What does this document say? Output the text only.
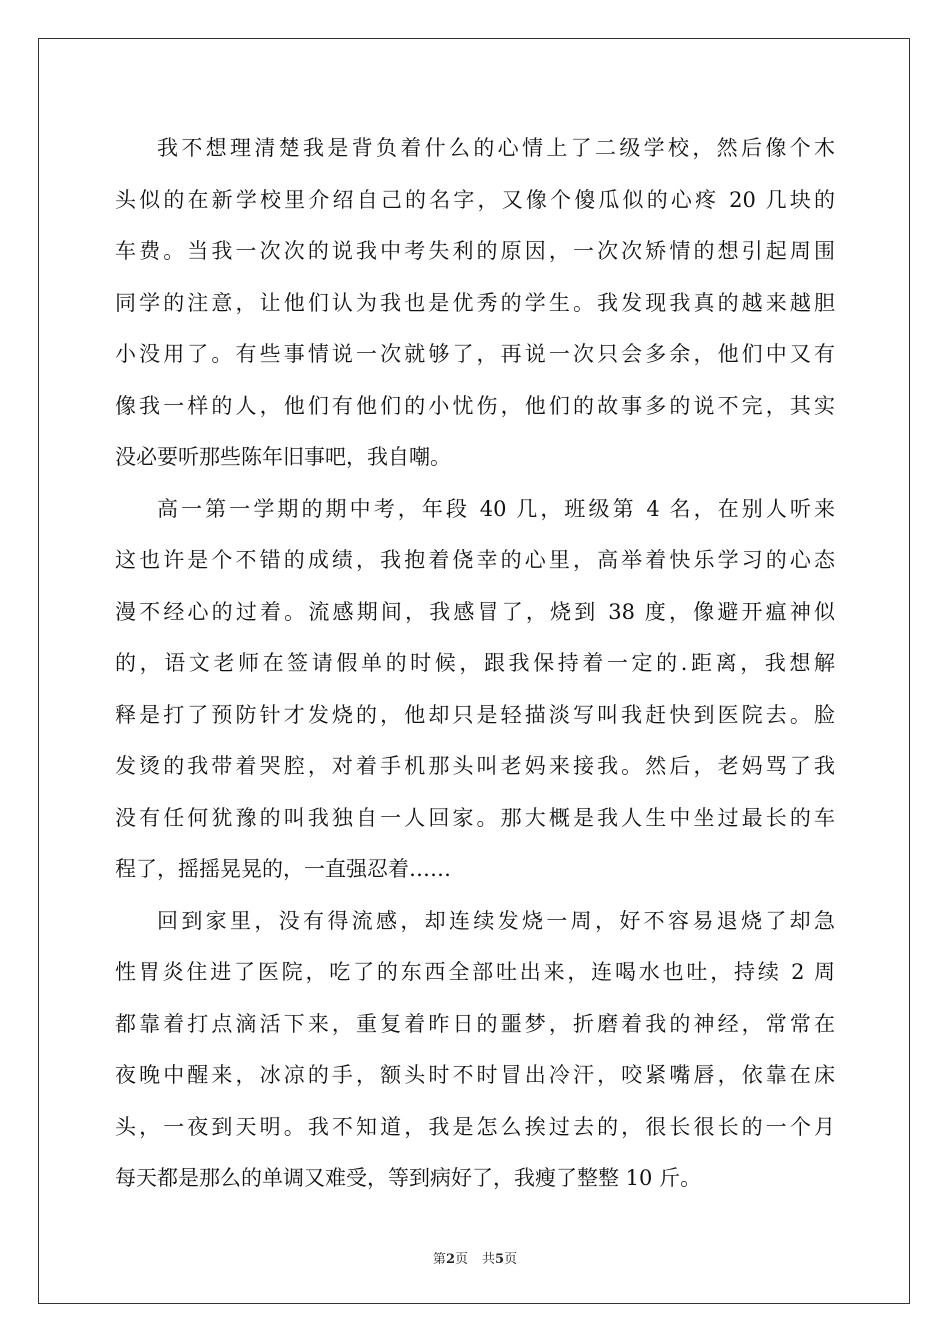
我不想理清楚我是背负着什么的心情上了二级学校，然后像个木
头似的在新学校里介绍自己的名字，又像个傻瓜似的心疼 20 几块的
车费。当我一次次的说我中考失利的原因，一次次矫情的想引起周围
同学的注意，让他们认为我也是优秀的学生。我发现我真的越来越胆
小没用了。有些事情说一次就够了，再说一次只会多余，他们中又有
像我一样的人，他们有他们的小忧伤，他们的故事多的说不完，其实
没必要听那些陈年旧事吧，我自嘲。
高一第一学期的期中考，年段 40 几，班级第 4 名，在别人听来
这也许是个不错的成绩，我抱着侥幸的心里，高举着快乐学习的心态
漫不经心的过着。流感期间，我感冒了，烧到 38 度，像避开瘟神似
的，语文老师在签请假单的时候，跟我保持着一定的.距离，我想解
释是打了预防针才发烧的，他却只是轻描淡写叫我赶快到医院去。脸
发烫的我带着哭腔，对着手机那头叫老妈来接我。然后，老妈骂了我
没有任何犹豫的叫我独自一人回家。那大概是我人生中坐过最长的车
程了，摇摇晃晃的，一直强忍着……
回到家里，没有得流感，却连续发烧一周，好不容易退烧了却急
性胃炎住进了医院，吃了的东西全部吐出来，连喝水也吐，持续 2 周
都靠着打点滴活下来，重复着昨日的噩梦，折磨着我的神经，常常在
夜晚中醒来，冰凉的手，额头时不时冒出冷汗，咬紧嘴唇，依靠在床
头，一夜到天明。我不知道，我是怎么挨过去的，很长很长的一个月
每天都是那么的单调又难受，等到病好了，我瘦了整整 10 斤。
第2页 共5页
